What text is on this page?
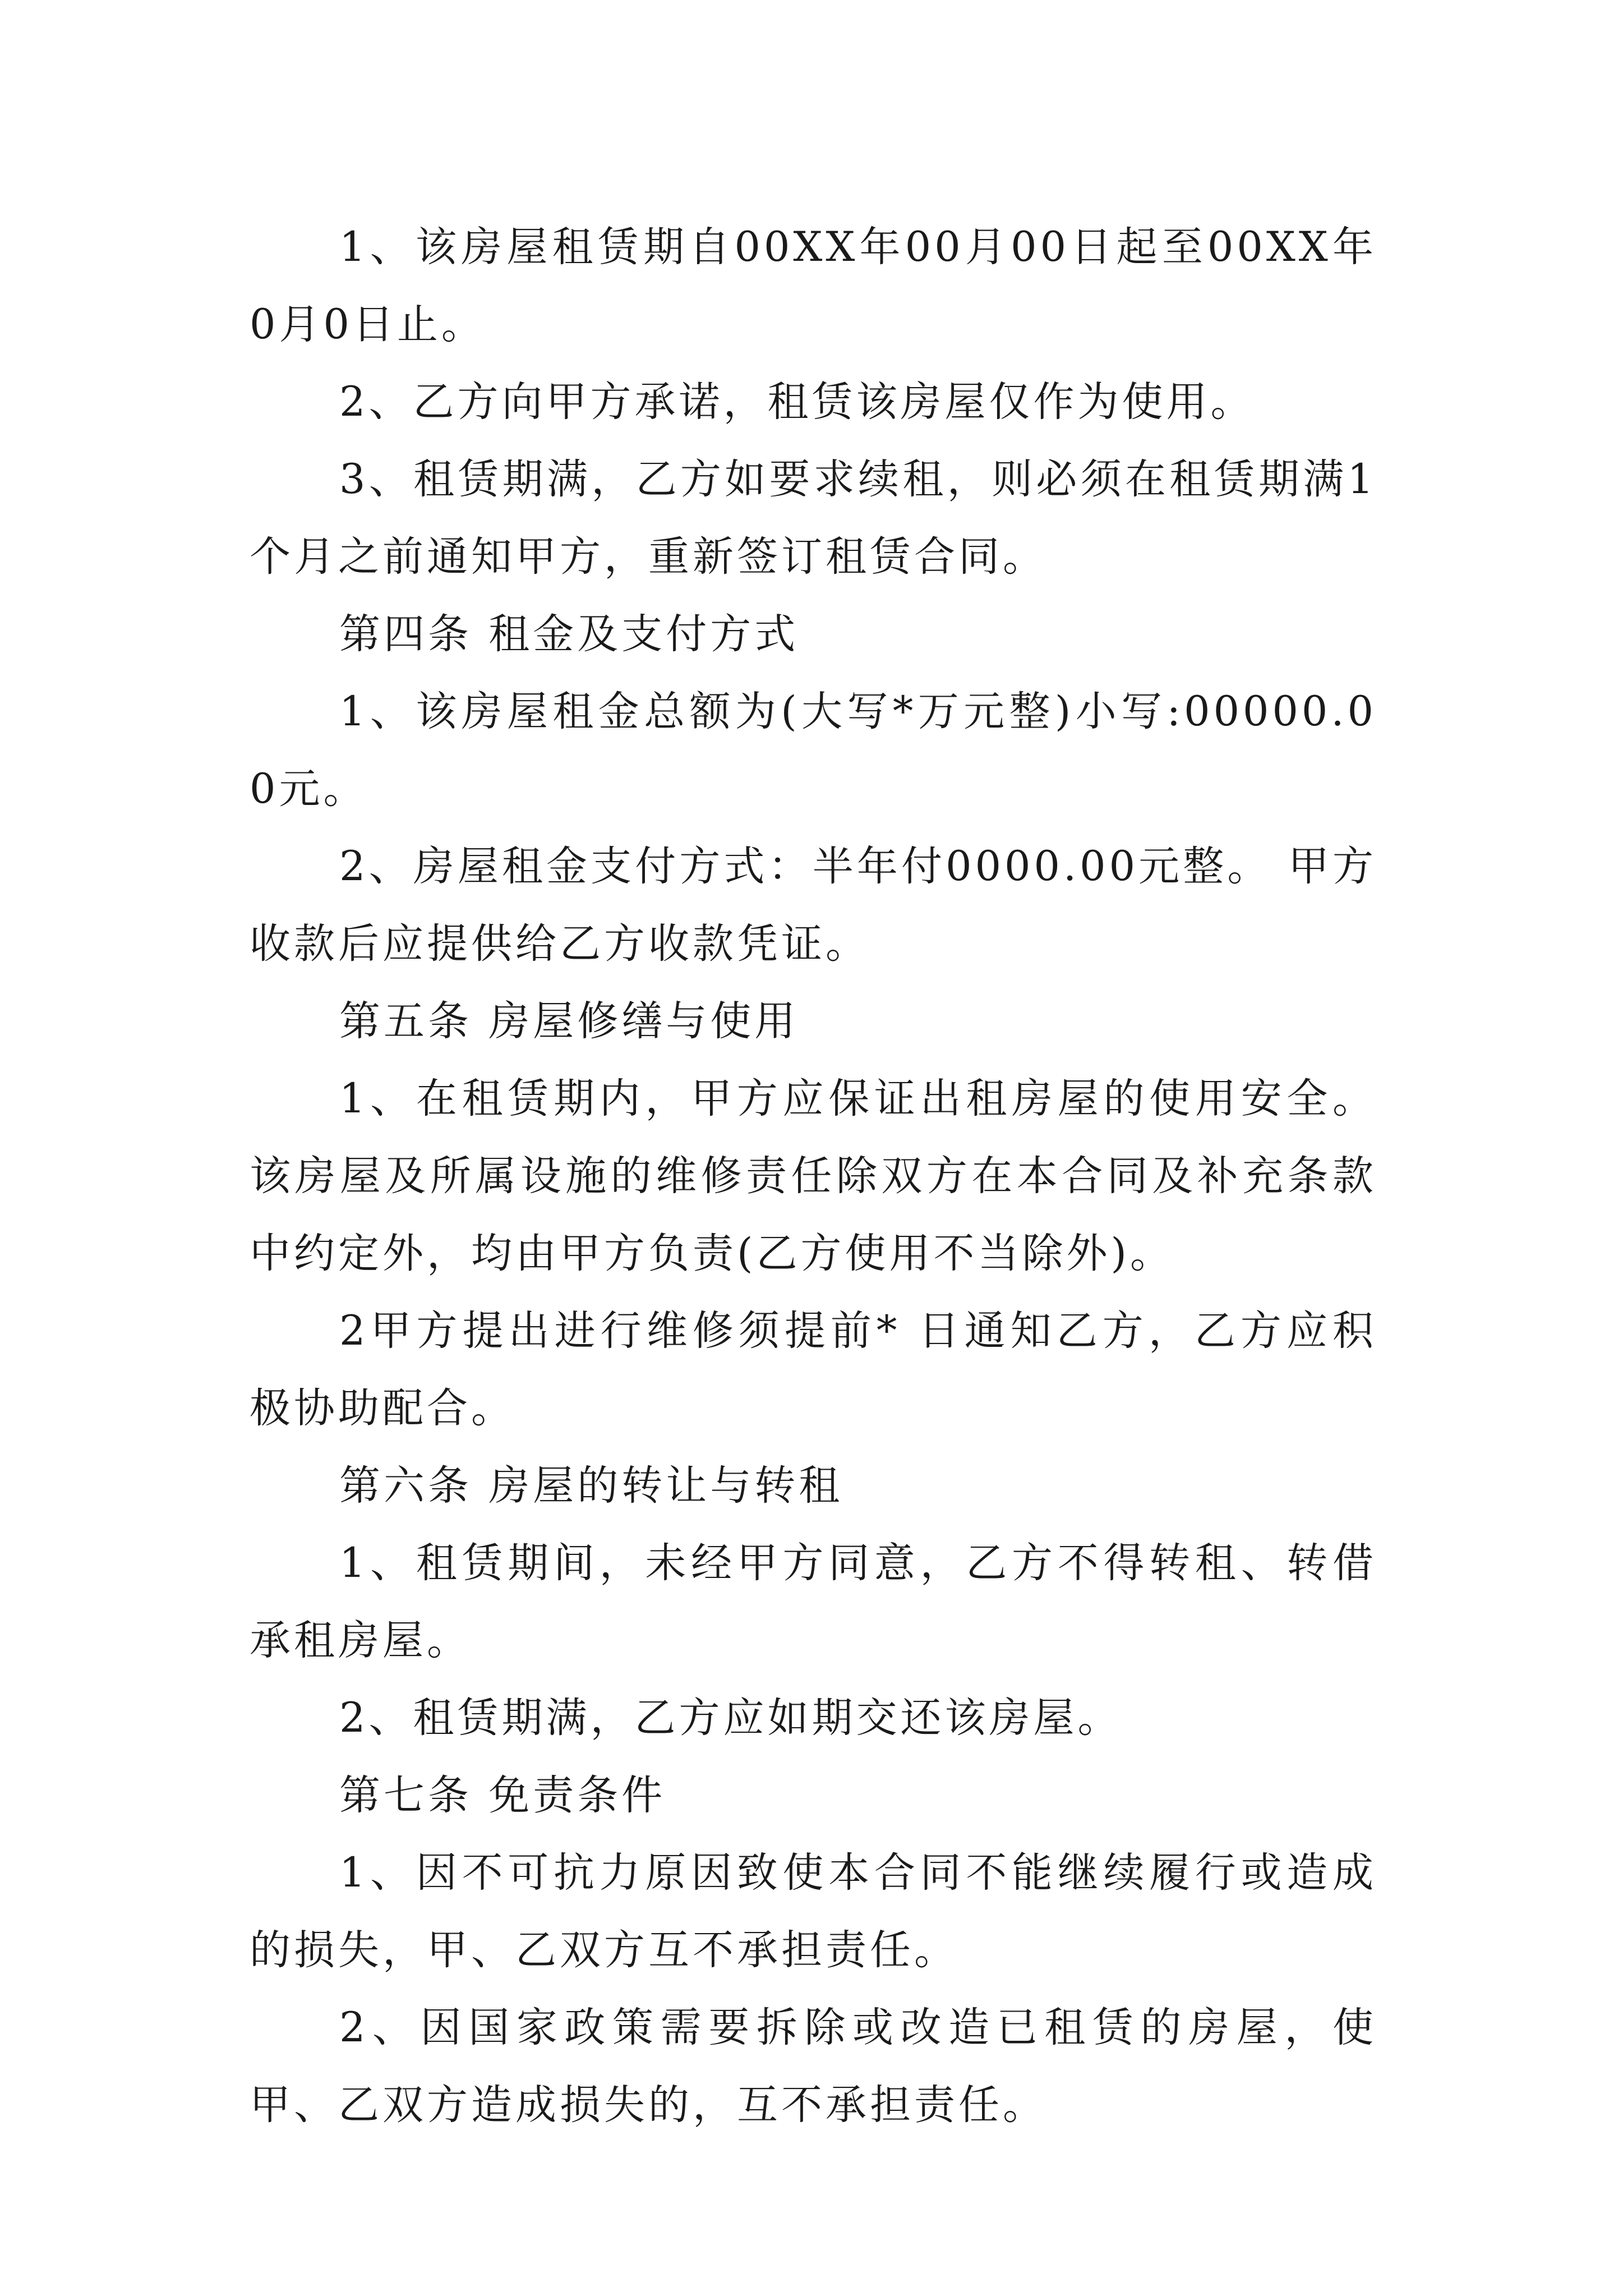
1、该房屋租赁期自00XX年00月00日起至00XX年0月0日止。

2、乙方向甲方承诺，租赁该房屋仅作为使用。

3、租赁期满，乙方如要求续租，则必须在租赁期满1个月之前通知甲方，重新签订租赁合同。

第四条 租金及支付方式

1、该房屋租金总额为(大写*万元整)小写:00000.00元。

2、房屋租金支付方式：半年付0000.00元整。 甲方收款后应提供给乙方收款凭证。

第五条 房屋修缮与使用

1、在租赁期内，甲方应保证出租房屋的使用安全。该房屋及所属设施的维修责任除双方在本合同及补充条款中约定外，均由甲方负责(乙方使用不当除外)。

2甲方提出进行维修须提前* 日通知乙方，乙方应积极协助配合。

第六条 房屋的转让与转租

1、租赁期间，未经甲方同意，乙方不得转租、转借承租房屋。

2、租赁期满，乙方应如期交还该房屋。

第七条 免责条件

1、因不可抗力原因致使本合同不能继续履行或造成的损失，甲、乙双方互不承担责任。

2、因国家政策需要拆除或改造已租赁的房屋，使甲、乙双方造成损失的，互不承担责任。
